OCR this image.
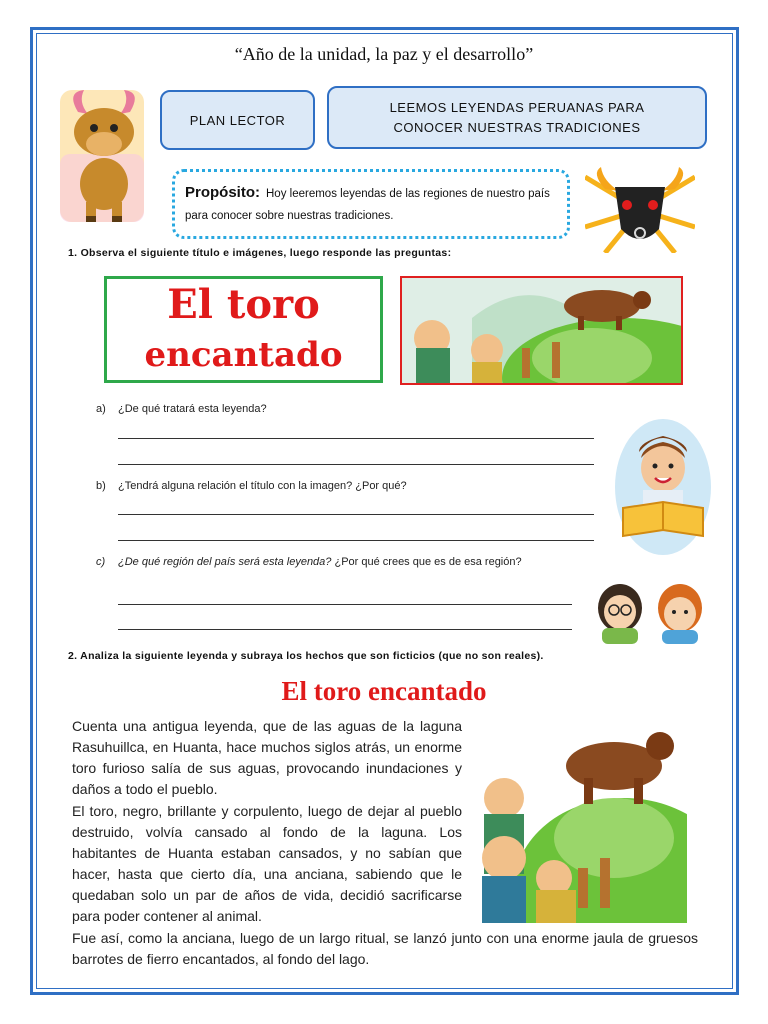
“Año de la unidad, la paz y el desarrollo”
PLAN LECTOR
LEEMOS LEYENDAS PERUANAS PARA
CONOCER NUESTRAS TRADICIONES
Propósito: Hoy leeremos leyendas de las regiones de nuestro país para conocer sobre nuestras tradiciones.
1. Observa el siguiente título e imágenes, luego responde las preguntas:
El toro
encantado
a) ¿De qué tratará esta leyenda?
b) ¿Tendrá alguna relación el título con la imagen? ¿Por qué?
c) ¿De qué región del país será esta leyenda? ¿Por qué crees que es de esa región?
2. Analiza la siguiente leyenda y subraya los hechos que son ficticios (que no son reales).
El toro encantado
Cuenta una antigua leyenda, que de las aguas de la laguna Rasuhuillca, en Huanta, hace muchos siglos atrás, un enorme toro furioso salía de sus aguas, provocando inundaciones y daños a todo el pueblo.
El toro, negro, brillante y corpulento, luego de dejar al pueblo destruido, volvía cansado al fondo de la laguna. Los habitantes de Huanta estaban cansados, y no sabían que hacer, hasta que cierto día, una anciana, sabiendo que le quedaban solo un par de años de vida, decidió sacrificarse para poder contener al animal.
Fue así, como la anciana, luego de un largo ritual, se lanzó junto con una enorme jaula de gruesos barrotes de fierro encantados, al fondo del lago.
